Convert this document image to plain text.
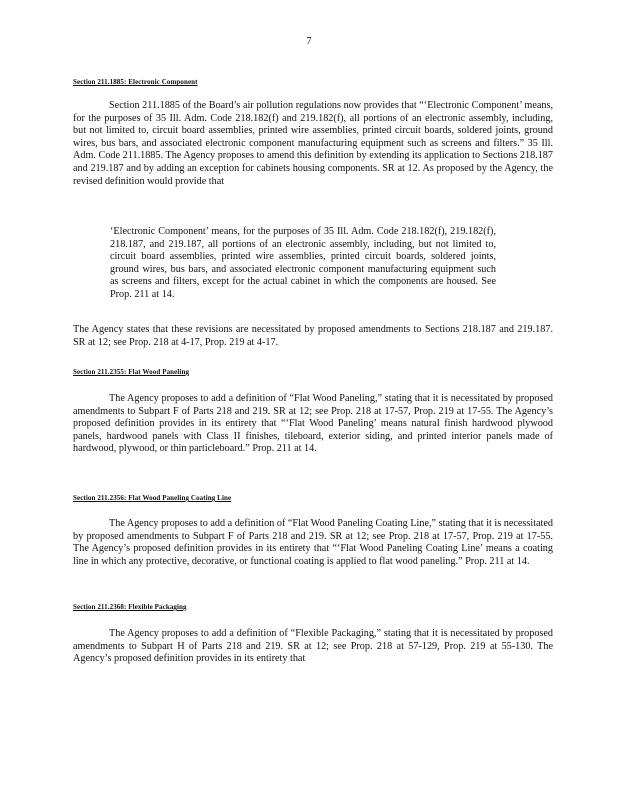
7
Section 211.1885: Electronic Component
Section 211.1885 of the Board’s air pollution regulations now provides that “‘Electronic Component’ means, for the purposes of 35 Ill. Adm. Code 218.182(f) and 219.182(f), all portions of an electronic assembly, including, but not limited to, circuit board assemblies, printed wire assemblies, printed circuit boards, soldered joints, ground wires, bus bars, and associated electronic component manufacturing equipment such as screens and filters.” 35 Ill. Adm. Code 211.1885. The Agency proposes to amend this definition by extending its application to Sections 218.187 and 219.187 and by adding an exception for cabinets housing components. SR at 12. As proposed by the Agency, the revised definition would provide that
‘Electronic Component’ means, for the purposes of 35 Ill. Adm. Code 218.182(f), 219.182(f), 218.187, and 219.187, all portions of an electronic assembly, including, but not limited to, circuit board assemblies, printed wire assemblies, printed circuit boards, soldered joints, ground wires, bus bars, and associated electronic component manufacturing equipment such as screens and filters, except for the actual cabinet in which the components are housed. See Prop. 211 at 14.
The Agency states that these revisions are necessitated by proposed amendments to Sections 218.187 and 219.187. SR at 12; see Prop. 218 at 4-17, Prop. 219 at 4-17.
Section 211.2355: Flat Wood Paneling
The Agency proposes to add a definition of “Flat Wood Paneling,” stating that it is necessitated by proposed amendments to Subpart F of Parts 218 and 219. SR at 12; see Prop. 218 at 17-57, Prop. 219 at 17-55. The Agency’s proposed definition provides in its entirety that “‘Flat Wood Paneling’ means natural finish hardwood plywood panels, hardwood panels with Class II finishes, tileboard, exterior siding, and printed interior panels made of hardwood, plywood, or thin particleboard.” Prop. 211 at 14.
Section 211.2356: Flat Wood Paneling Coating Line
The Agency proposes to add a definition of “Flat Wood Paneling Coating Line,” stating that it is necessitated by proposed amendments to Subpart F of Parts 218 and 219. SR at 12; see Prop. 218 at 17-57, Prop. 219 at 17-55. The Agency’s proposed definition provides in its entirety that “‘Flat Wood Paneling Coating Line’ means a coating line in which any protective, decorative, or functional coating is applied to flat wood paneling.” Prop. 211 at 14.
Section 211.2368: Flexible Packaging
The Agency proposes to add a definition of “Flexible Packaging,” stating that it is necessitated by proposed amendments to Subpart H of Parts 218 and 219. SR at 12; see Prop. 218 at 57-129, Prop. 219 at 55-130. The Agency’s proposed definition provides in its entirety that
